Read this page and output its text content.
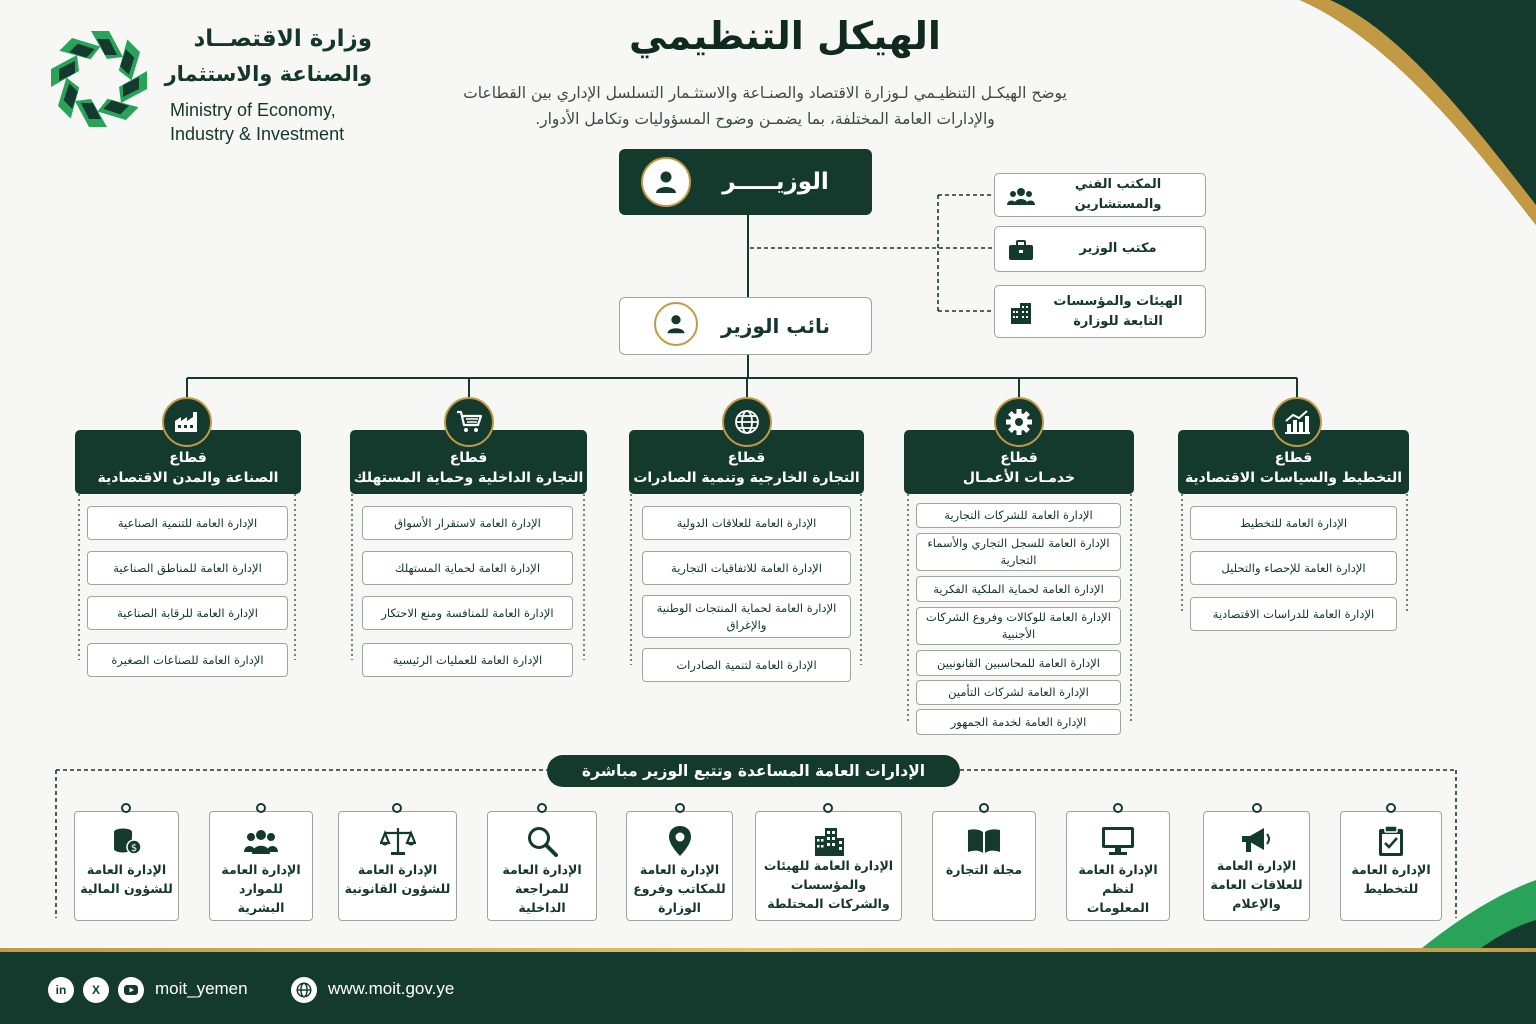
وزارة الاقتصــاد
والصناعة والاستثمار
Ministry of Economy,
Industry & Investment
الهيكل التنظيمي
يوضح الهيكـل التنظيـمي لـوزارة الاقتصاد والصنـاعة والاستثـمار التسلسل الإداري بين القطاعات
والإدارات العامة المختلفة، بما يضمـن وضوح المسؤوليات وتكامل الأدوار.
الوزيـــــر
نائب الوزير
المكتب الفني والمستشارين
مكتب الوزير
الهيئات والمؤسسات التابعة للوزارة
قطاع
الصناعة والمدن الاقتصادية
الإدارة العامة للتنمية الصناعية
الإدارة العامة للمناطق الصناعية
الإدارة العامة للرقابة الصناعية
الإدارة العامة للصناعات الصغيرة
قطاع
التجارة الداخلية وحماية المستهلك
الإدارة العامة لاستقرار الأسواق
الإدارة العامة لحماية المستهلك
الإدارة العامة للمنافسة ومنع الاحتكار
الإدارة العامة للعمليات الرئيسية
قطاع
التجارة الخارجية وتنمية الصادرات
الإدارة العامة للعلاقات الدولية
الإدارة العامة للاتفاقيات التجارية
الإدارة العامة لحماية المنتجات الوطنية والإغراق
الإدارة العامة لتنمية الصادرات
قطاع
خدمـات الأعمـال
الإدارة العامة للشركات التجارية
الإدارة العامة للسجل التجاري والأسماء التجارية
الإدارة العامة لحماية الملكية الفكرية
الإدارة العامة للوكالات وفروع الشركات الأجنبية
الإدارة العامة للمحاسبين القانونيين
الإدارة العامة لشركات التأمين
الإدارة العامة لخدمة الجمهور
قطاع
التخطيط والسياسات الاقتصادية
الإدارة العامة للتخطيط
الإدارة العامة للإحصاء والتحليل
الإدارة العامة للدراسات الاقتصادية
الإدارات العامة المساعدة وتتبع الوزير مباشرة
$
الإدارة العامة للشؤون المالية
الإدارة العامة للموارد البشرية
الإدارة العامة للشؤون القانونية
الإدارة العامة للمراجعة الداخلية
الإدارة العامة للمكاتب وفروع الوزارة
الإدارة العامة للهيئات والمؤسسات والشركات المختلطة
مجلة التجارة	الإدارة العامة لنظم المعلومات
الإدارة العامة للعلاقات العامة والإعلام
الإدارة العامة للتخطيط
in	X	moit_yemen	www.moit.gov.ye
